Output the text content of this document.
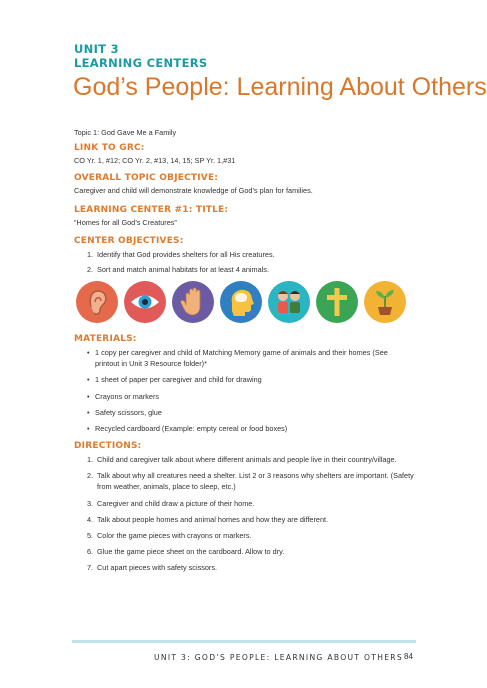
UNIT 3
LEARNING CENTERS
God’s People: Learning About Others
Topic 1: God Gave Me a Family
LINK TO GRC:
CO Yr. 1, #12; CO Yr. 2, #13, 14, 15; SP Yr. 1,#31
OVERALL TOPIC OBJECTIVE:
Caregiver and child will demonstrate knowledge of God’s plan for families.
LEARNING CENTER #1: TITLE:
“Homes for all God’s Creatures”
CENTER OBJECTIVES:
1. Identify that God provides shelters for all His creatures.
2. Sort and match animal habitats for at least 4 animals.
MATERIALS:
• 1 copy per caregiver and child of Matching Memory game of animals and their homes (See
printout in Unit 3 Resource folder)*
• 1 sheet of paper per caregiver and child for drawing
• Crayons or markers
• Safety scissors, glue
• Recycled cardboard (Example: empty cereal or food boxes)
DIRECTIONS:
1. Child and caregiver talk about where different animals and people live in their country/village.
2. Talk about why all creatures need a shelter. List 2 or 3 reasons why shelters are important. (Safety
from weather, animals, place to sleep, etc.)
3. Caregiver and child draw a picture of their home.
4. Talk about people homes and animal homes and how they are different.
5. Color the game pieces with crayons or markers.
6. Glue the game piece sheet on the cardboard. Allow to dry.
7. Cut apart pieces with safety scissors.
UNIT 3: GOD’S PEOPLE: LEARNING ABOUT OTHERS 84
